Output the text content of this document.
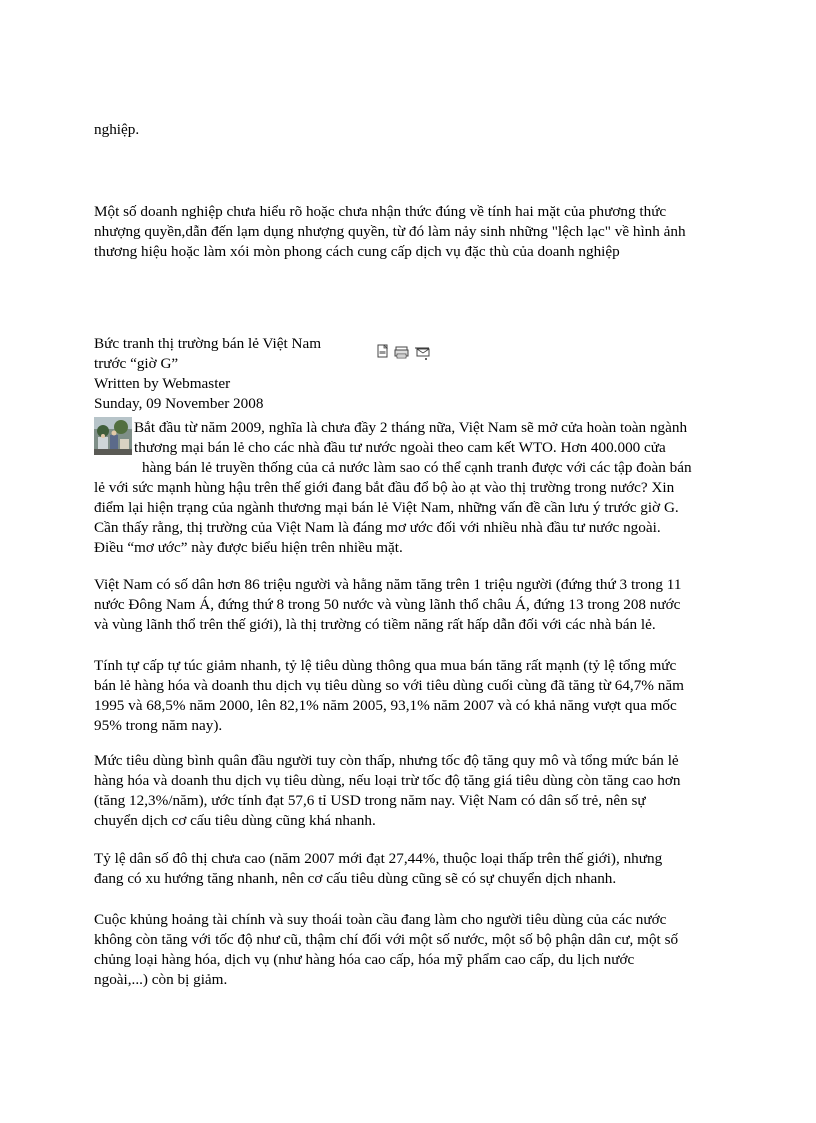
nghiệp.

Một số doanh nghiệp chưa hiểu rõ hoặc chưa nhận thức đúng về tính hai mặt của phương thức
nhượng quyền,dẫn đến lạm dụng nhượng quyền, từ đó làm nảy sinh những "lệch lạc" về hình ảnh
thương hiệu hoặc làm xói mòn phong cách cung cấp dịch vụ đặc thù của doanh nghiệp

Bức tranh thị trường bán lẻ Việt Nam
trước “giờ G”
Written by Webmaster
Sunday, 09 November 2008

Bắt đầu từ năm 2009, nghĩa là chưa đầy 2 tháng nữa, Việt Nam sẽ mở cửa hoàn toàn ngành
thương mại bán lẻ cho các nhà đầu tư nước ngoài theo cam kết WTO. Hơn 400.000 cửa
hàng bán lẻ truyền thống của cả nước làm sao có thể cạnh tranh được với các tập đoàn bán
lẻ với sức mạnh hùng hậu trên thế giới đang bắt đầu đổ bộ ào ạt vào thị trường trong nước? Xin
điểm lại hiện trạng của ngành thương mại bán lẻ Việt Nam, những vấn đề cần lưu ý trước giờ G.
Cần thấy rằng, thị trường của Việt Nam là đáng mơ ước đối với nhiều nhà đầu tư nước ngoài.
Điều “mơ ước” này được biểu hiện trên nhiều mặt.

Việt Nam có số dân hơn 86 triệu người và hằng năm tăng trên 1 triệu người (đứng thứ 3 trong 11
nước Đông Nam Á, đứng thứ 8 trong 50 nước và vùng lãnh thổ châu Á, đứng 13 trong 208 nước
và vùng lãnh thổ trên thế giới), là thị trường có tiềm năng rất hấp dẫn đối với các nhà bán lẻ.

Tính tự cấp tự túc giảm nhanh, tỷ lệ tiêu dùng thông qua mua bán tăng rất mạnh (tỷ lệ tổng mức
bán lẻ hàng hóa và doanh thu dịch vụ tiêu dùng so với tiêu dùng cuối cùng đã tăng từ 64,7% năm
1995 và 68,5% năm 2000, lên 82,1% năm 2005, 93,1% năm 2007 và có khả năng vượt qua mốc
95% trong năm nay).

Mức tiêu dùng bình quân đầu người tuy còn thấp, nhưng tốc độ tăng quy mô và tổng mức bán lẻ
hàng hóa và doanh thu dịch vụ tiêu dùng, nếu loại trừ tốc độ tăng giá tiêu dùng còn tăng cao hơn
(tăng 12,3%/năm), ước tính đạt 57,6 tỉ USD trong năm nay. Việt Nam có dân số trẻ, nên sự
chuyển dịch cơ cấu tiêu dùng cũng khá nhanh.

Tỷ lệ dân số đô thị chưa cao (năm 2007 mới đạt 27,44%, thuộc loại thấp trên thế giới), nhưng
đang có xu hướng tăng nhanh, nên cơ cấu tiêu dùng cũng sẽ có sự chuyển dịch nhanh.

Cuộc khủng hoảng tài chính và suy thoái toàn cầu đang làm cho người tiêu dùng của các nước
không còn tăng với tốc độ như cũ, thậm chí đối với một số nước, một số bộ phận dân cư, một số
chủng loại hàng hóa, dịch vụ (như hàng hóa cao cấp, hóa mỹ phẩm cao cấp, du lịch nước
ngoài,...) còn bị giảm.
